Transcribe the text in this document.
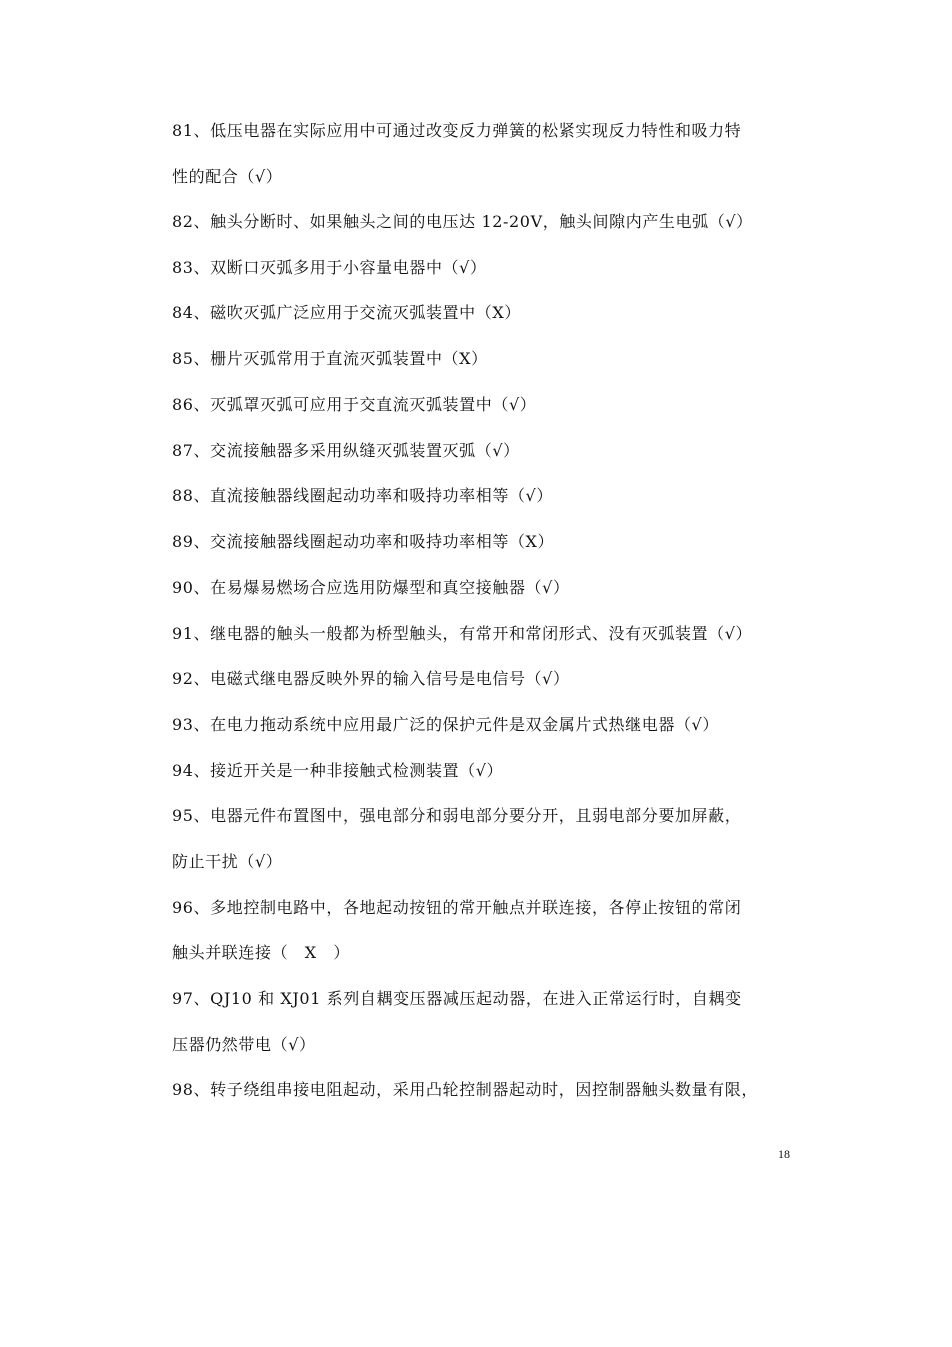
81、低压电器在实际应用中可通过改变反力弹簧的松紧实现反力特性和吸力特
性的配合（√）
82、触头分断时、如果触头之间的电压达 12-20V，触头间隙内产生电弧（√）
83、双断口灭弧多用于小容量电器中（√）
84、磁吹灭弧广泛应用于交流灭弧装置中（X）
85、栅片灭弧常用于直流灭弧装置中（X）
86、灭弧罩灭弧可应用于交直流灭弧装置中（√）
87、交流接触器多采用纵缝灭弧装置灭弧（√）
88、直流接触器线圈起动功率和吸持功率相等（√）
89、交流接触器线圈起动功率和吸持功率相等（X）
90、在易爆易燃场合应选用防爆型和真空接触器（√）
91、继电器的触头一般都为桥型触头，有常开和常闭形式、没有灭弧装置（√）
92、电磁式继电器反映外界的输入信号是电信号（√）
93、在电力拖动系统中应用最广泛的保护元件是双金属片式热继电器（√）
94、接近开关是一种非接触式检测装置（√）
95、电器元件布置图中，强电部分和弱电部分要分开，且弱电部分要加屏蔽，
防止干扰（√）
96、多地控制电路中，各地起动按钮的常开触点并联连接，各停止按钮的常闭
触头并联连接（　X　）
97、QJ10 和 XJ01 系列自耦变压器减压起动器，在进入正常运行时，自耦变
压器仍然带电（√）
98、转子绕组串接电阻起动，采用凸轮控制器起动时，因控制器触头数量有限，
18
